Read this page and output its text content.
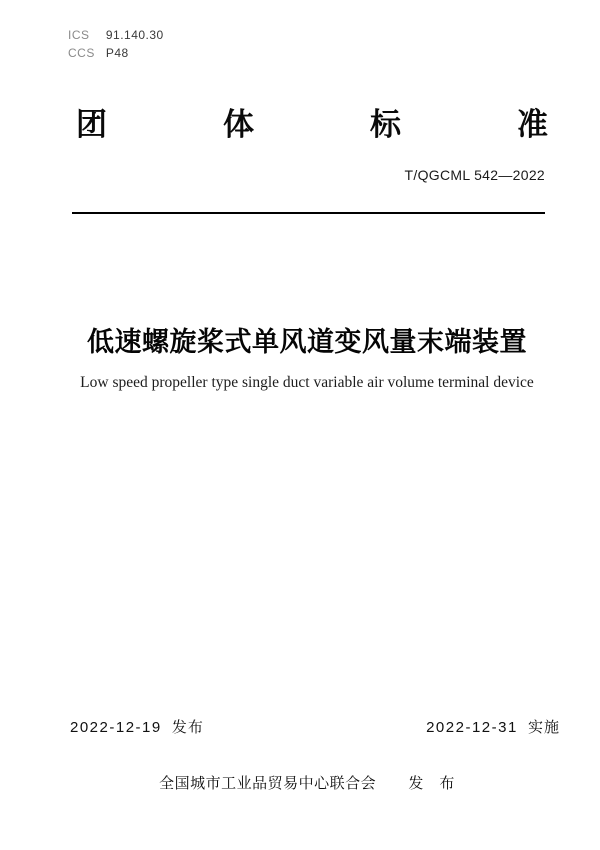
ICS 91.140.30
CCS P48
团	体	标	准
T/QGCML 542—2022
低速螺旋桨式单风道变风量末端装置
Low speed propeller type single duct variable air volume terminal device
2022-12-19 发布	2022-12-31 实施
全国城市工业品贸易中心联合会 发　布
